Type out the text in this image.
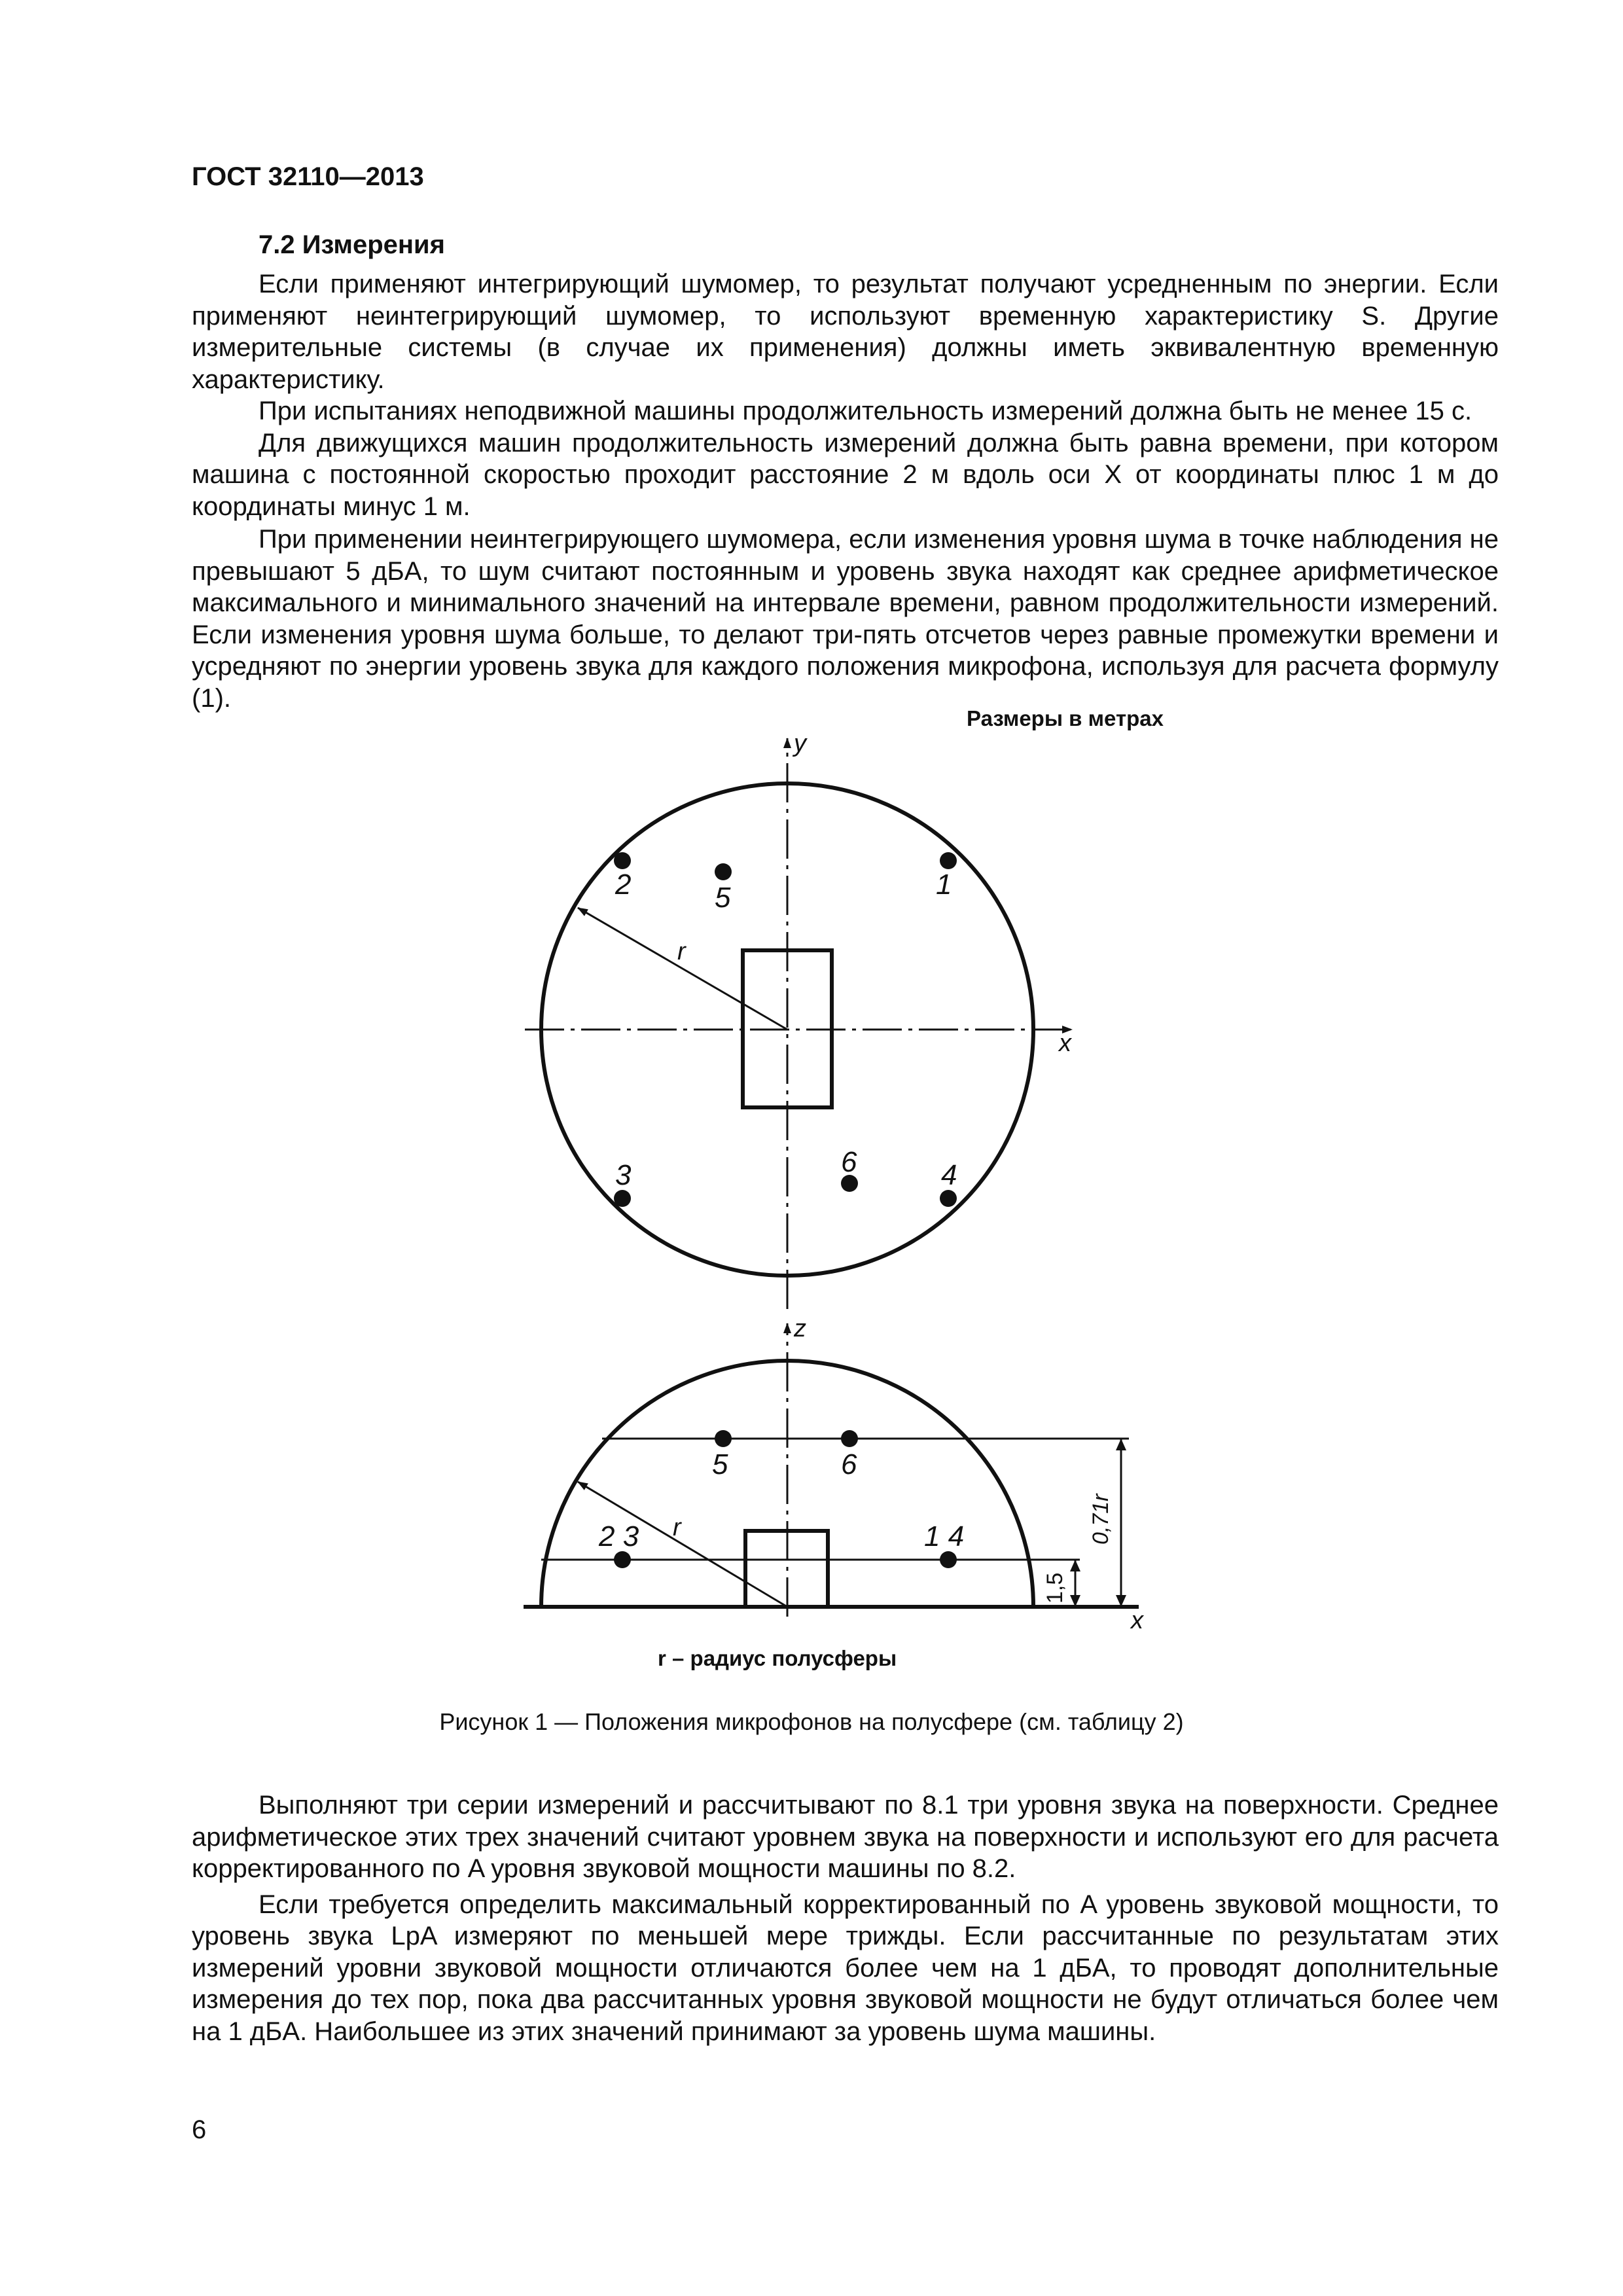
ГОСТ 32110—2013
7.2 Измерения

Если применяют интегрирующий шумомер, то результат получают усредненным по энергии. Если применяют неинтегрирующий шумомер, то используют временную характеристику S. Другие измерительные системы (в случае их применения) должны иметь эквивалентную временную характеристику.

При испытаниях неподвижной машины продолжительность измерений должна быть не менее 15 с.

Для движущихся машин продолжительность измерений должна быть равна времени, при котором машина с постоянной скоростью проходит расстояние 2 м вдоль оси X от координаты плюс 1 м до координаты минус 1 м.

При применении неинтегрирующего шумомера, если изменения уровня шума в точке наблюдения не превышают 5 дБA, то шум считают постоянным и уровень звука находят как среднее арифметическое максимального и минимального значений на интервале времени, равном продолжительности измерений. Если изменения уровня шума больше, то делают три-пять отсчетов через равные промежутки времени и усредняют по энергии уровень звука для каждого положения микрофона, используя для расчета формулу (1).

Размеры в метрах
y
x
r
1
2	5
3	4
6
z
x
r	0,71r
1,5
5	6
2 3	1 4
r – радиус полусферы
Рисунок 1 — Положения микрофонов на полусфере (см. таблицу 2)

Выполняют три серии измерений и рассчитывают по 8.1 три уровня звука на поверхности. Среднее арифметическое этих трех значений считают уровнем звука на поверхности и используют его для расчета корректированного по A уровня звуковой мощности машины по 8.2.

Если требуется определить максимальный корректированный по A уровень звуковой мощности, то уровень звука LpA измеряют по меньшей мере трижды. Если рассчитанные по результатам этих измерений уровни звуковой мощности отличаются более чем на 1 дБA, то проводят дополнительные измерения до тех пор, пока два рассчитанных уровня звуковой мощности не будут отличаться более чем на 1 дБA. Наибольшее из этих значений принимают за уровень шума машины.

6
